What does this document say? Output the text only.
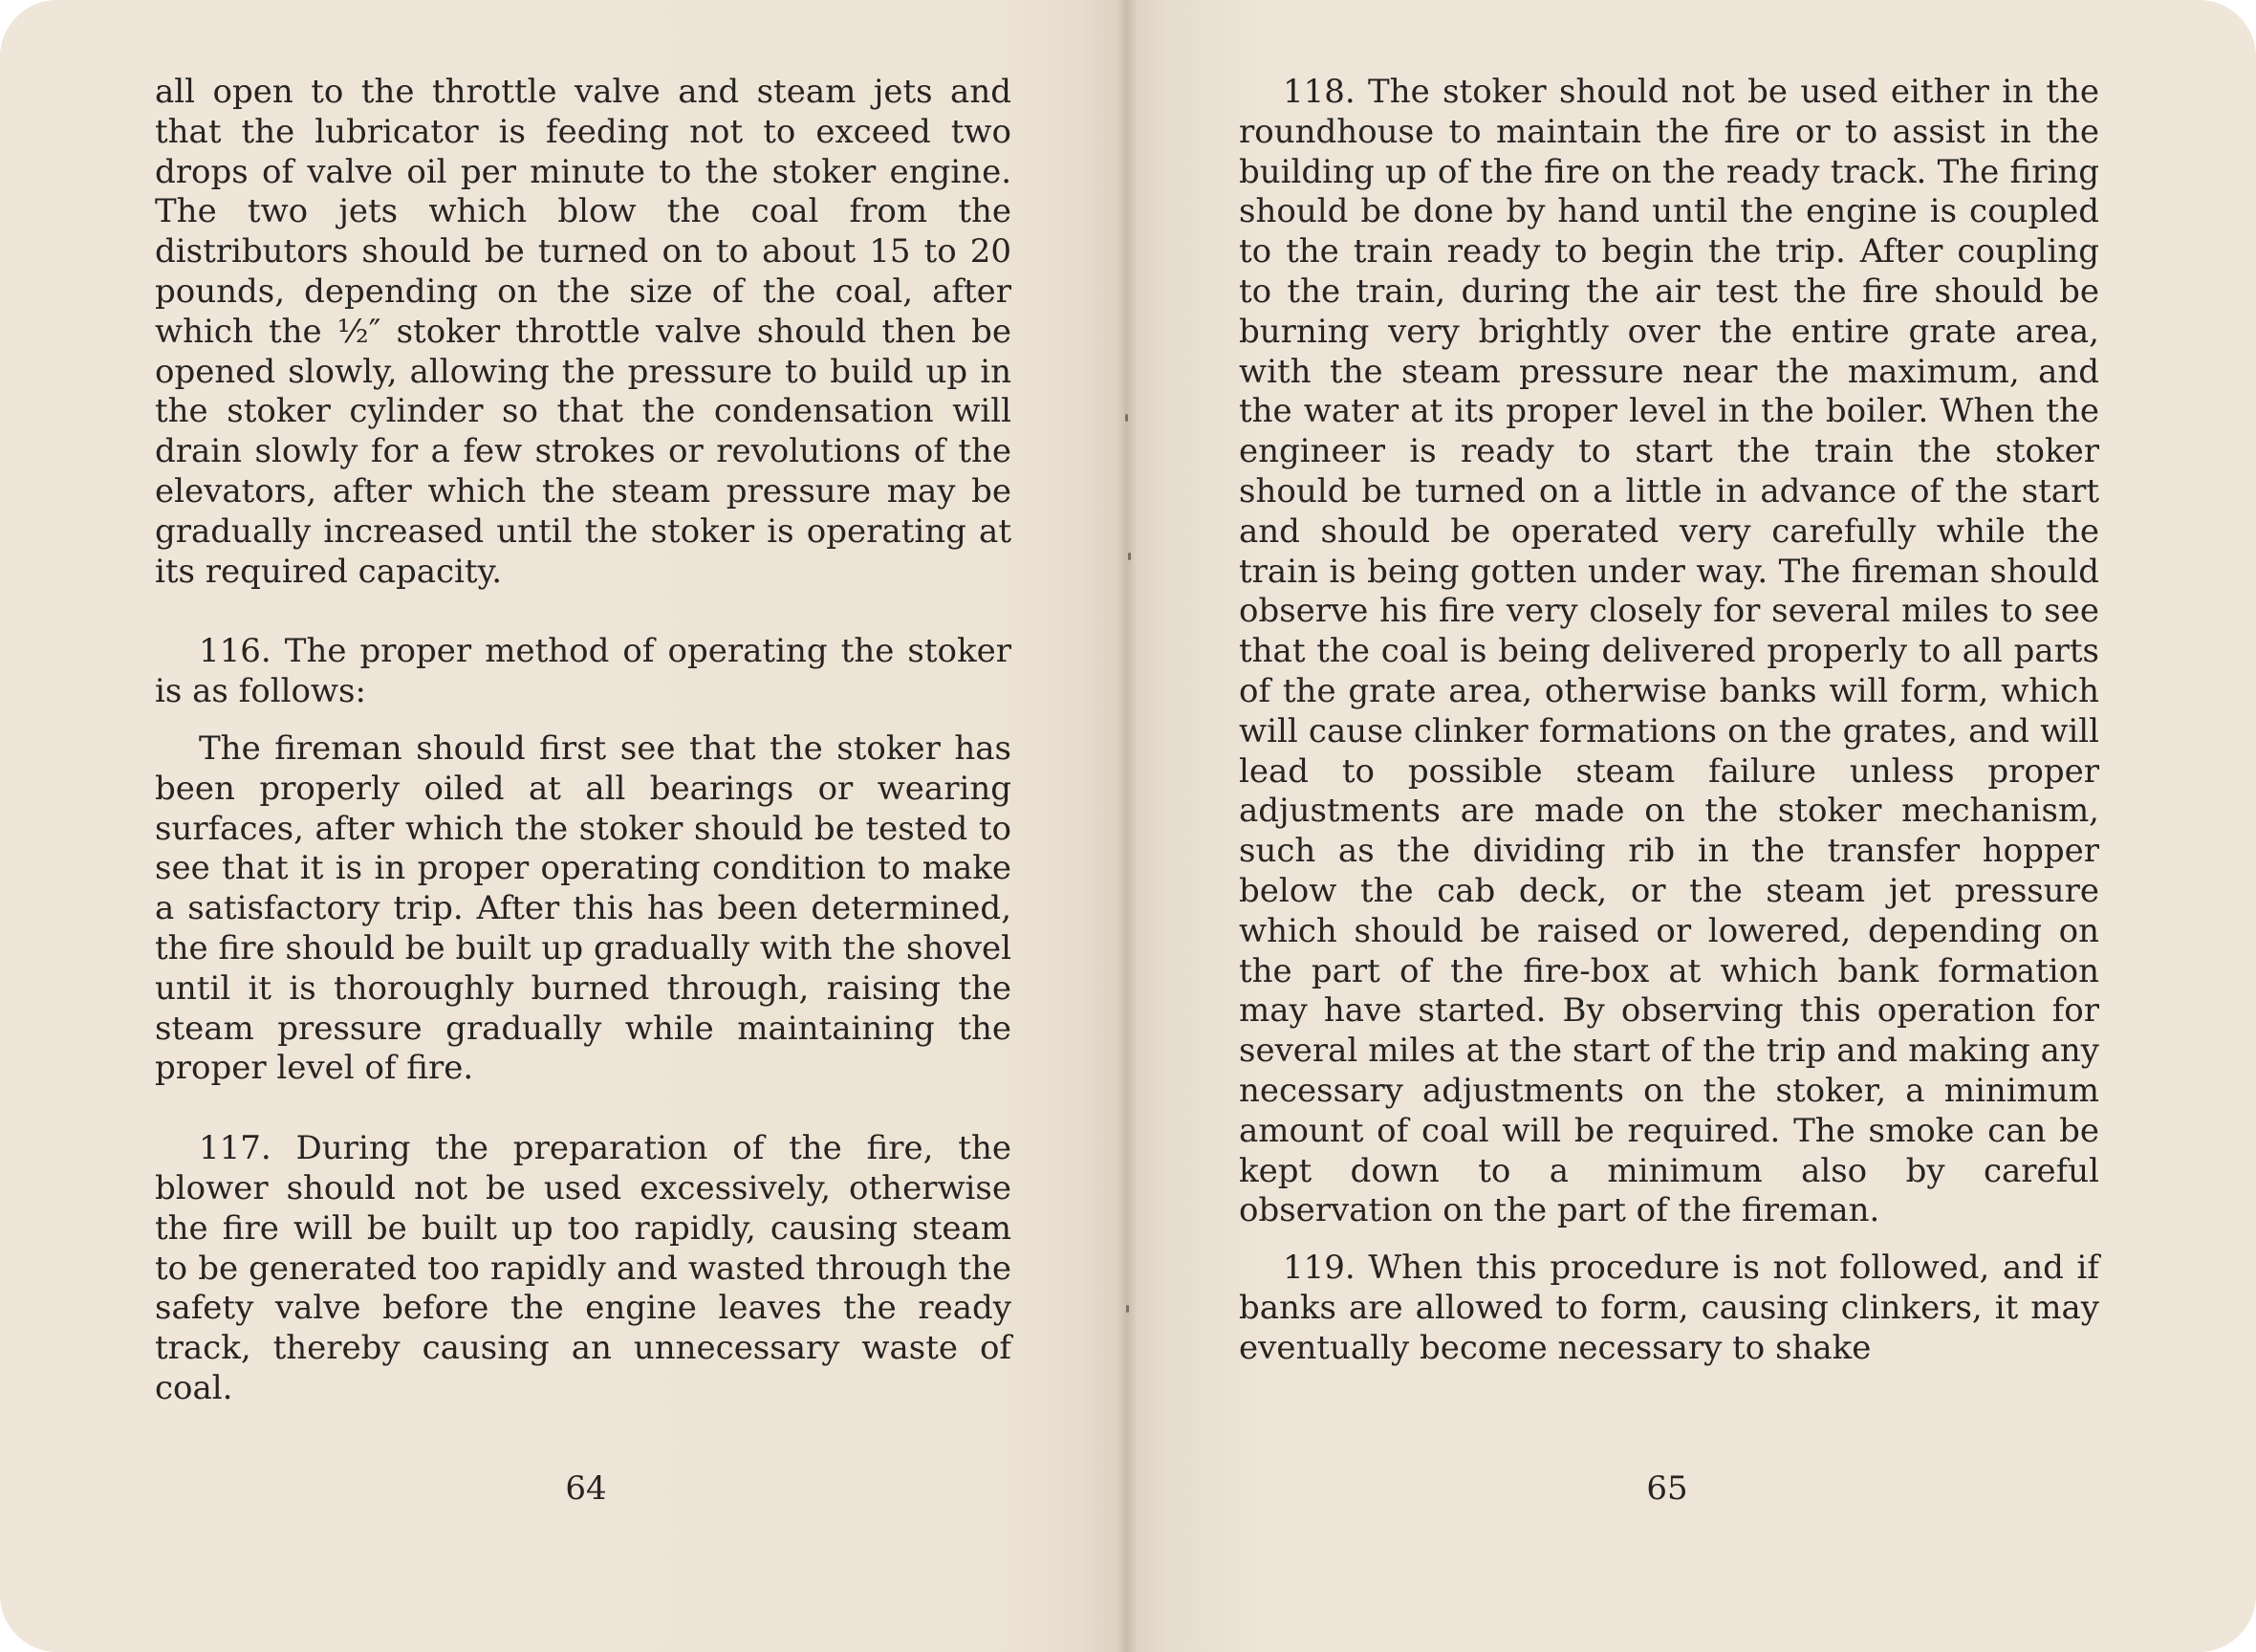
all open to the throttle valve and steam jets and that the lubricator is feeding not to exceed two drops of valve oil per minute to the stoker engine. The two jets which blow the coal from the distributors should be turned on to about 15 to 20 pounds, depending on the size of the coal, after which the ½″ stoker throttle valve should then be opened slowly, allowing the pressure to build up in the stoker cylinder so that the condensation will drain slowly for a few strokes or revolutions of the elevators, after which the steam pressure may be gradually increased until the stoker is operating at its required capacity.

116. The proper method of operating the stoker is as follows:

The fireman should first see that the stoker has been properly oiled at all bearings or wearing surfaces, after which the stoker should be tested to see that it is in proper operating condition to make a satisfactory trip. After this has been determined, the fire should be built up gradually with the shovel until it is thoroughly burned through, raising the steam pressure gradually while maintaining the proper level of fire.

117. During the preparation of the fire, the blower should not be used excessively, otherwise the fire will be built up too rapidly, causing steam to be generated too rapidly and wasted through the safety valve before the engine leaves the ready track, thereby causing an unnecessary waste of coal.

64

118. The stoker should not be used either in the roundhouse to maintain the fire or to assist in the building up of the fire on the ready track. The firing should be done by hand until the engine is coupled to the train ready to begin the trip. After coupling to the train, during the air test the fire should be burning very brightly over the entire grate area, with the steam pressure near the maximum, and the water at its proper level in the boiler. When the engineer is ready to start the train the stoker should be turned on a little in advance of the start and should be operated very carefully while the train is being gotten under way. The fireman should observe his fire very closely for several miles to see that the coal is being delivered properly to all parts of the grate area, otherwise banks will form, which will cause clinker formations on the grates, and will lead to possible steam failure unless proper adjustments are made on the stoker mechanism, such as the dividing rib in the transfer hopper below the cab deck, or the steam jet pressure which should be raised or lowered, depending on the part of the fire-box at which bank formation may have started. By observing this operation for several miles at the start of the trip and making any necessary adjustments on the stoker, a minimum amount of coal will be required. The smoke can be kept down to a minimum also by careful observation on the part of the fireman.

119. When this procedure is not followed, and if banks are allowed to form, causing clinkers, it may eventually become necessary to shake

65
